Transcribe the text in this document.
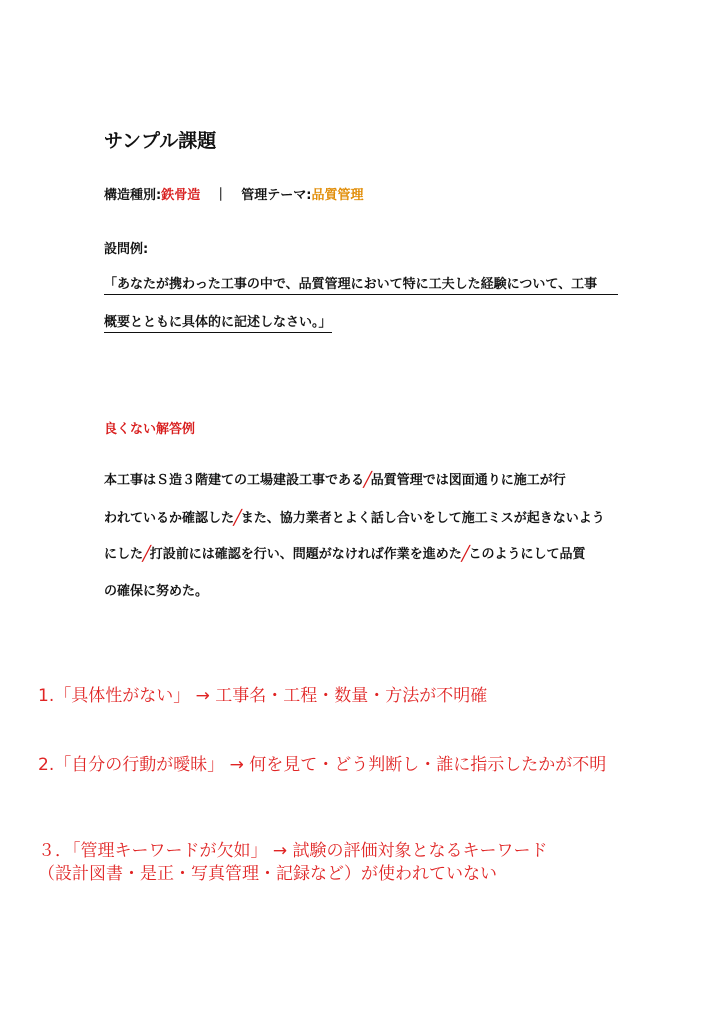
サンプル課題
構造種別:鉄骨造 ｜ 管理テーマ:品質管理
設問例:
「あなたが携わった工事の中で、品質管理において特に工夫した経験について、工事
概要とともに具体的に記述しなさい。」
良くない解答例
本工事はＳ造３階建ての工場建設工事である/品質管理では図面通りに施工が行
われているか確認した/また、協力業者とよく話し合いをして施工ミスが起きないよう
にした/打設前には確認を行い、問題がなければ作業を進めた/このようにして品質
の確保に努めた。
1.「具体性がない」 → 工事名・工程・数量・方法が不明確
2.「自分の行動が曖昧」 → 何を見て・どう判断し・誰に指示したかが不明
３．「管理キーワードが欠如」 → 試験の評価対象となるキーワード
（設計図書・是正・写真管理・記録など）が使われていない
